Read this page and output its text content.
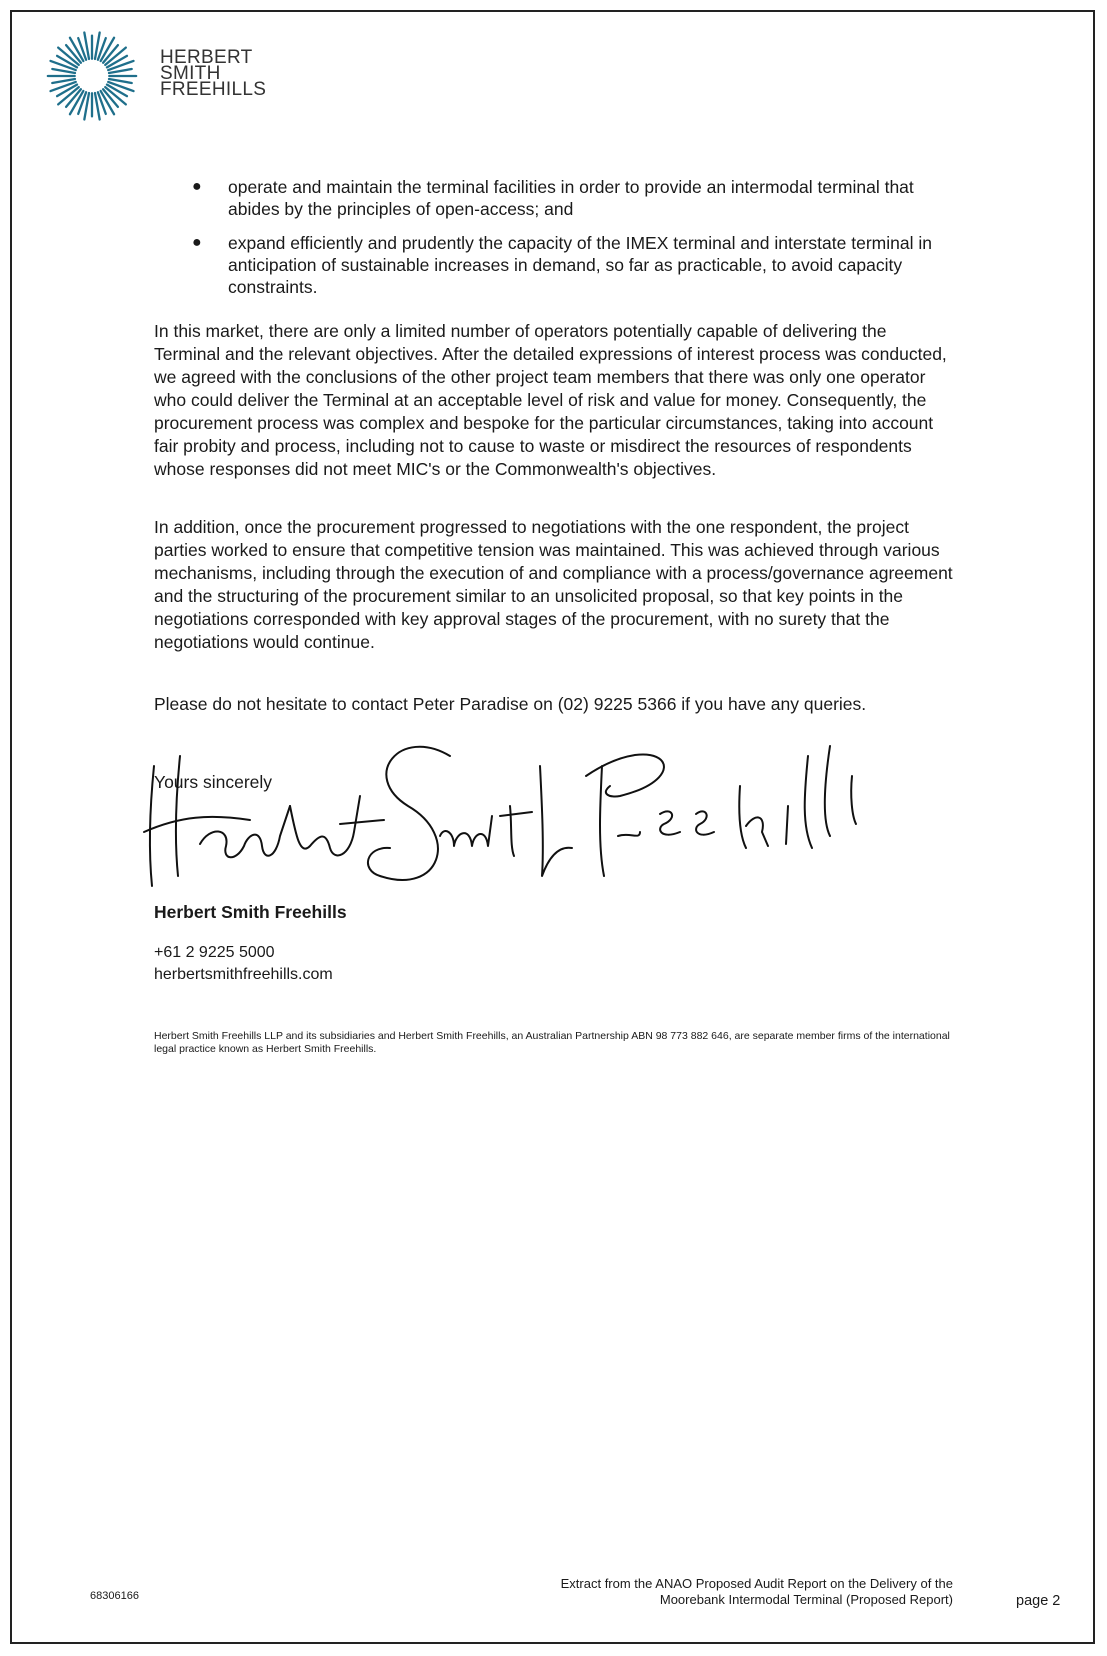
HERBERT
SMITH
FREEHILLS
● operate and maintain the terminal facilities in order to provide an intermodal terminal that abides by the principles of open-access; and
● expand efficiently and prudently the capacity of the IMEX terminal and interstate terminal in anticipation of sustainable increases in demand, so far as practicable, to avoid capacity constraints.

In this market, there are only a limited number of operators potentially capable of delivering the Terminal and the relevant objectives. After the detailed expressions of interest process was conducted, we agreed with the conclusions of the other project team members that there was only one operator who could deliver the Terminal at an acceptable level of risk and value for money. Consequently, the procurement process was complex and bespoke for the particular circumstances, taking into account fair probity and process, including not to cause to waste or misdirect the resources of respondents whose responses did not meet MIC's or the Commonwealth's objectives.

In addition, once the procurement progressed to negotiations with the one respondent, the project parties worked to ensure that competitive tension was maintained. This was achieved through various mechanisms, including through the execution of and compliance with a process/governance agreement and the structuring of the procurement similar to an unsolicited proposal, so that key points in the negotiations corresponded with key approval stages of the procurement, with no surety that the negotiations would continue.

Please do not hesitate to contact Peter Paradise on (02) 9225 5366 if you have any queries.

Yours sincerely
Herbert Smith Freehills
+61 2 9225 5000
herbertsmithfreehills.com
Herbert Smith Freehills LLP and its subsidiaries and Herbert Smith Freehills, an Australian Partnership ABN 98 773 882 646, are separate member firms of the international legal practice known as Herbert Smith Freehills.
68306166
Extract from the ANAO Proposed Audit Report on the Delivery of the
Moorebank Intermodal Terminal (Proposed Report)	page 2
